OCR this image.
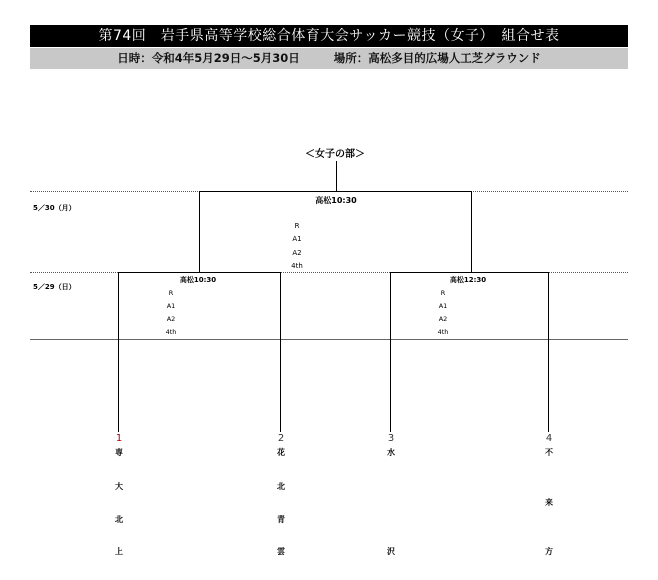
第74回　岩手県高等学校総合体育大会サッカー競技（女子）　組合せ表
日時：令和4年5月29日～5月30日	場所：高松多目的広場人工芝グラウンド
＜女子の部＞
高松10:30
R
A1
A2
4th
5／30（月）
5／29（日）
高松10:30
R
A1
A2
4th
高松12:30
R
A1
A2
4th
1
専
大
北
上
2
花
北
青
雲
3
水
沢
4
不
来
方
